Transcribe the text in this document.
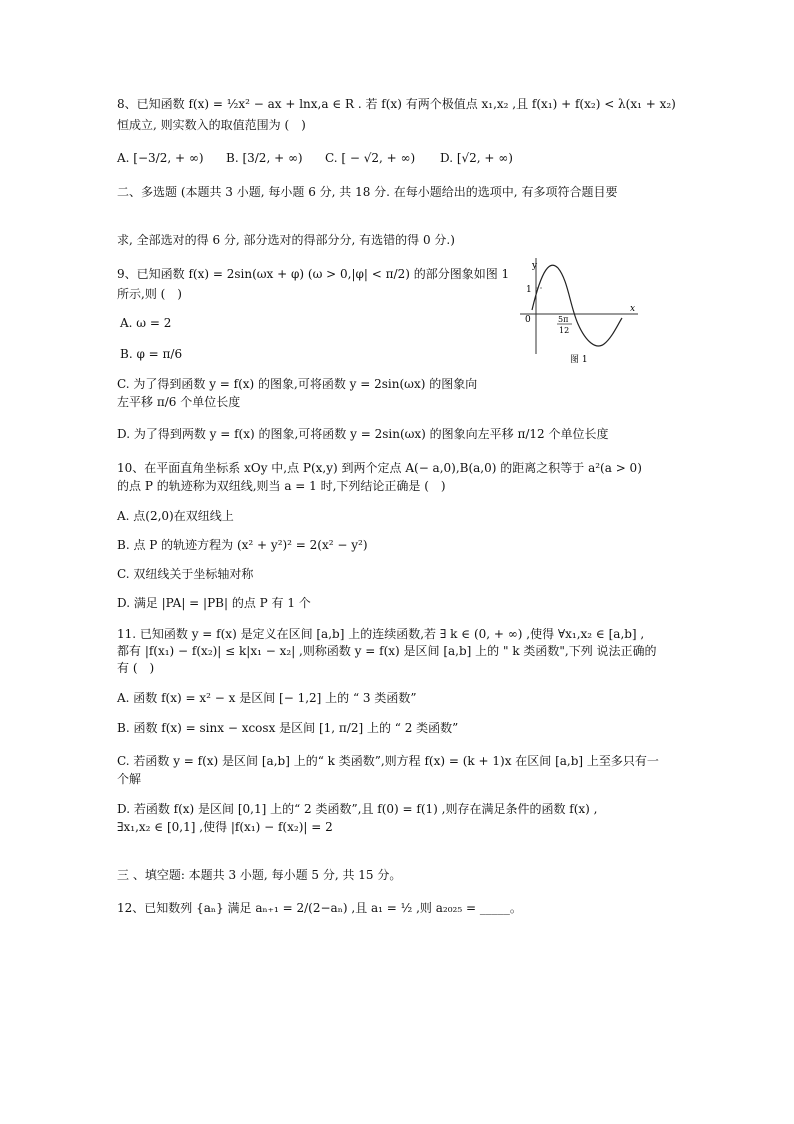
8、已知函数 f(x) = ½x² − ax + lnx,a ∈ R . 若 f(x) 有两个极值点 x₁,x₂ ,且 f(x₁) + f(x₂) < λ(x₁ + x₂)
恒成立, 则实数入的取值范围为 (　)
A. [−3/2, + ∞) B. [3/2, + ∞) C. [ − √2, + ∞) D. [√2, + ∞)
二、多选题 (本题共 3 小题, 每小题 6 分, 共 18 分. 在每小题给出的选项中, 有多项符合题目要
求, 全部选对的得 6 分, 部分选对的得部分分, 有选错的得 0 分.)
9、已知函数 f(x) = 2sin(ωx + φ) (ω > 0,|φ| < π/2) 的部分图象如图 1
所示,则 (　)
A. ω = 2
B. φ = π/6
C. 为了得到函数 y = f(x) 的图象,可将函数 y = 2sin(ωx) 的图象向
左平移 π/6 个单位长度
D. 为了得到两数 y = f(x) 的图象,可将函数 y = 2sin(ωx) 的图象向左平移 π/12 个单位长度
y
x
0
1
5π
12
图 1
10、在平面直角坐标系 xOy 中,点 P(x,y) 到两个定点 A(− a,0),B(a,0) 的距离之积等于 a²(a > 0)
的点 P 的轨迹称为双纽线,则当 a = 1 时,下列结论正确是 (　)
A. 点(2,0)在双纽线上
B. 点 P 的轨迹方程为 (x² + y²)² = 2(x² − y²)
C. 双纽线关于坐标轴对称
D. 满足 |PA| = |PB| 的点 P 有 1 个
11. 已知函数 y = f(x) 是定义在区间 [a,b] 上的连续函数,若 ∃ k ∈ (0, + ∞) ,使得 ∀x₁,x₂ ∈ [a,b] ,
都有 |f(x₁) − f(x₂)| ≤ k|x₁ − x₂| ,则称函数 y = f(x) 是区间 [a,b] 上的 " k 类函数",下列 说法正确的
有 (　)
A. 函数 f(x) = x² − x 是区间 [− 1,2] 上的 “ 3 类函数”
B. 函数 f(x) = sinx − xcosx 是区间 [1, π/2] 上的 “ 2 类函数”
C. 若函数 y = f(x) 是区间 [a,b] 上的“ k 类函数”,则方程 f(x) = (k + 1)x 在区间 [a,b] 上至多只有一
个解
D. 若函数 f(x) 是区间 [0,1] 上的“ 2 类函数”,且 f(0) = f(1) ,则存在满足条件的函数 f(x) ,
∃x₁,x₂ ∈ [0,1] ,使得 |f(x₁) − f(x₂)| = 2
三 、填空题: 本题共 3 小题, 每小题 5 分, 共 15 分。
12、已知数列 {aₙ} 满足 aₙ₊₁ = 2/(2−aₙ) ,且 a₁ = ½ ,则 a₂₀₂₅ = _____。
